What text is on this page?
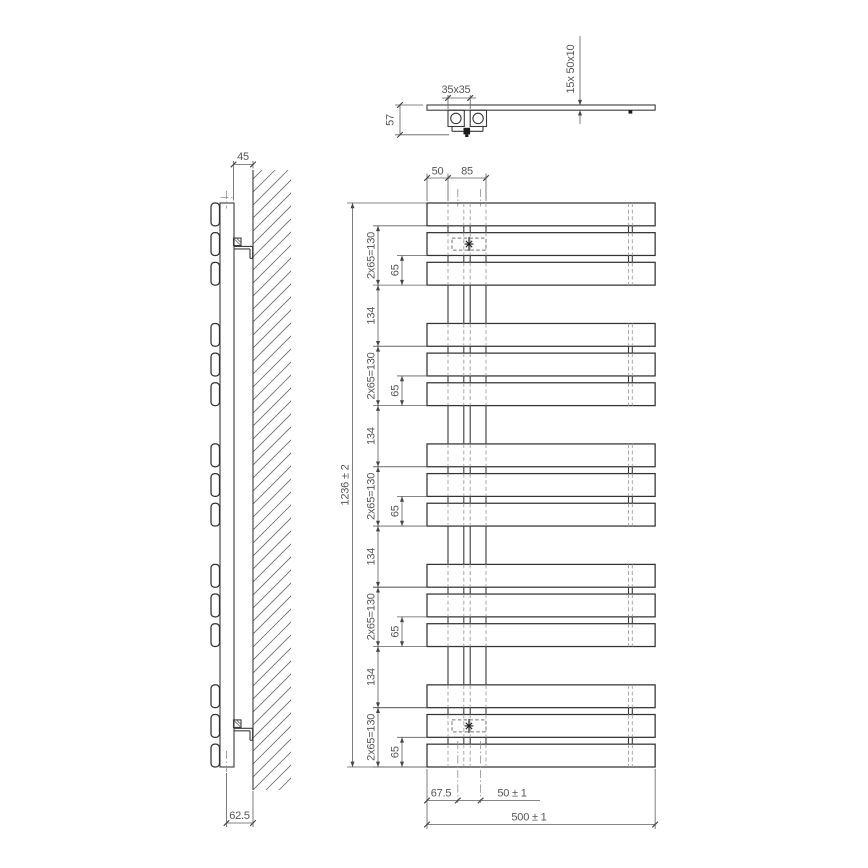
45
62.5
35x35
57
15x 50x10
50 85
1236 ± 2
2x65=130 65
134
2x65=130 65
134
2x65=130 65
134
2x65=130 65
134
2x65=130 65
67.5	50 ± 1
500 ± 1
